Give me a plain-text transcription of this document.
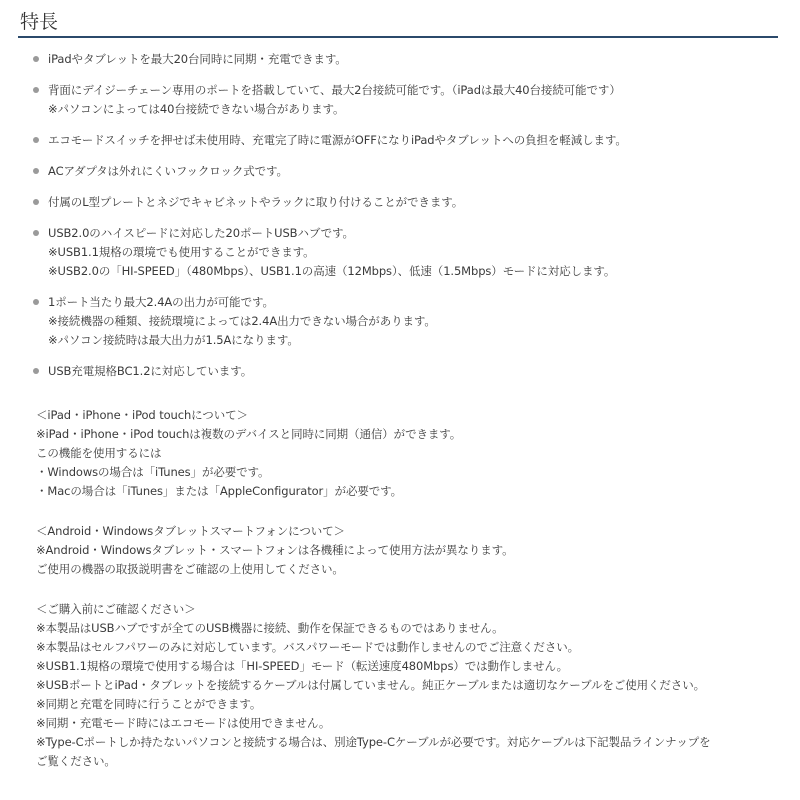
特長
iPadやタブレットを最大20台同時に同期・充電できます。
背面にデイジーチェーン専用のポートを搭載していて、最大2台接続可能です。（iPadは最大40台接続可能です）
※パソコンによっては40台接続できない場合があります。
エコモードスイッチを押せば未使用時、充電完了時に電源がOFFになりiPadやタブレットへの負担を軽減します。
ACアダプタは外れにくいフックロック式です。
付属のL型プレートとネジでキャビネットやラックに取り付けることができます。
USB2.0のハイスピードに対応した20ポートUSBハブです。
※USB1.1規格の環境でも使用することができます。
※USB2.0の「HI-SPEED」（480Mbps）、USB1.1の高速（12Mbps）、低速（1.5Mbps）モードに対応します。
1ポート当たり最大2.4Aの出力が可能です。
※接続機器の種類、接続環境によっては2.4A出力できない場合があります。
※パソコン接続時は最大出力が1.5Aになります。
USB充電規格BC1.2に対応しています。
＜iPad・iPhone・iPod touchについて＞
※iPad・iPhone・iPod touchは複数のデバイスと同時に同期（通信）ができます。
この機能を使用するには
・Windowsの場合は「iTunes」が必要です。
・Macの場合は「iTunes」または「AppleConfigurator」が必要です。
＜Android・Windowsタブレットスマートフォンについて＞
※Android・Windowsタブレット・スマートフォンは各機種によって使用方法が異なります。
ご使用の機器の取扱説明書をご確認の上使用してください。
＜ご購入前にご確認ください＞
※本製品はUSBハブですが全てのUSB機器に接続、動作を保証できるものではありません。
※本製品はセルフパワーのみに対応しています。バスパワーモードでは動作しませんのでご注意ください。
※USB1.1規格の環境で使用する場合は「HI-SPEED」モード（転送速度480Mbps）では動作しません。
※USBポートとiPad・タブレットを接続するケーブルは付属していません。純正ケーブルまたは適切なケーブルをご使用ください。
※同期と充電を同時に行うことができます。
※同期・充電モード時にはエコモードは使用できません。
※Type-Cポートしか持たないパソコンと接続する場合は、別途Type-Cケーブルが必要です。対応ケーブルは下記製品ラインナップを
ご覧ください。
